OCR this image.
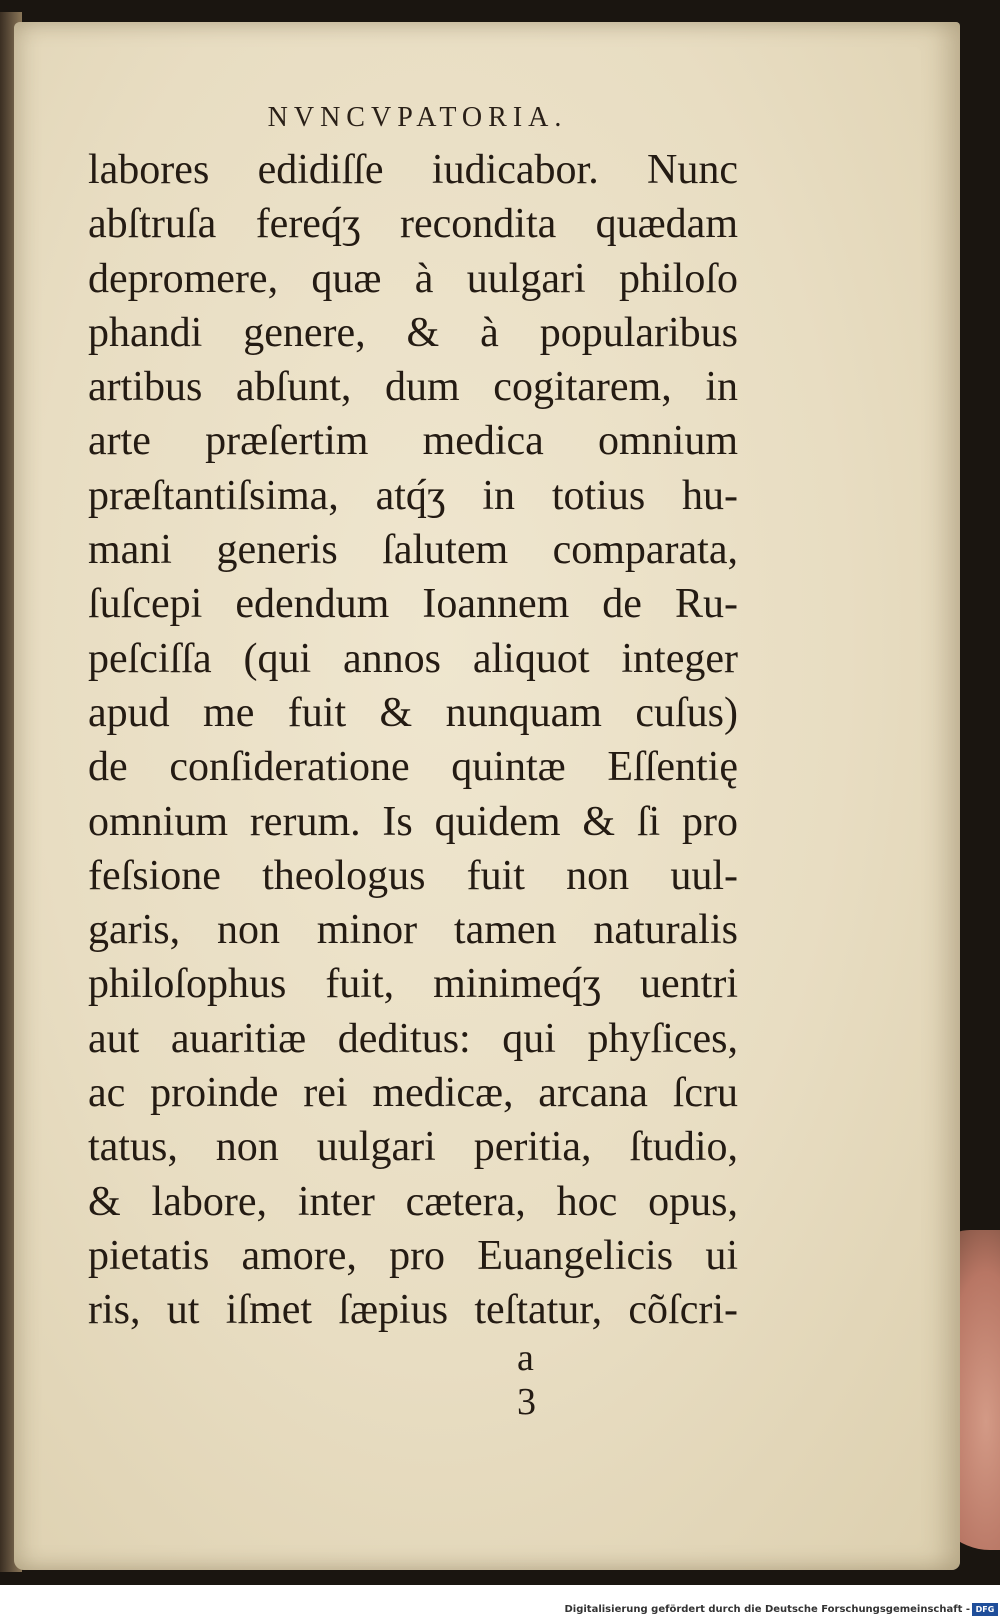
NVNCVPATORIA.
labores edidiſſe iudicabor. Nunc
abſtruſa fereq́ʒ recondita quædam
depromere, quæ à uulgari philoſo
phandi genere, & à popularibus
artibus abſunt, dum cogitarem, in
arte præſertim medica omnium
præſtantiſsima, atq́ʒ in totius hu-
mani generis ſalutem comparata,
ſuſcepi edendum Ioannem de Ru-
peſciſſa (qui annos aliquot integer
apud me fuit & nunquam cuſus)
de conſideratione quintæ Eſſentię
omnium rerum. Is quidem & ſi pro
feſsione theologus fuit non uul-
garis, non minor tamen naturalis
philoſophus fuit, minimeq́ʒ uentri
aut auaritiæ deditus: qui phyſices,
ac proinde rei medicæ, arcana ſcru
tatus, non uulgari peritia, ſtudio,
& labore, inter cætera, hoc opus,
pietatis amore, pro Euangelicis ui
ris, ut iſmet ſæpius teſtatur, cõſcri-
a 3
Digitalisierung gefördert durch die Deutsche Forschungsgemeinschaft - DFG
